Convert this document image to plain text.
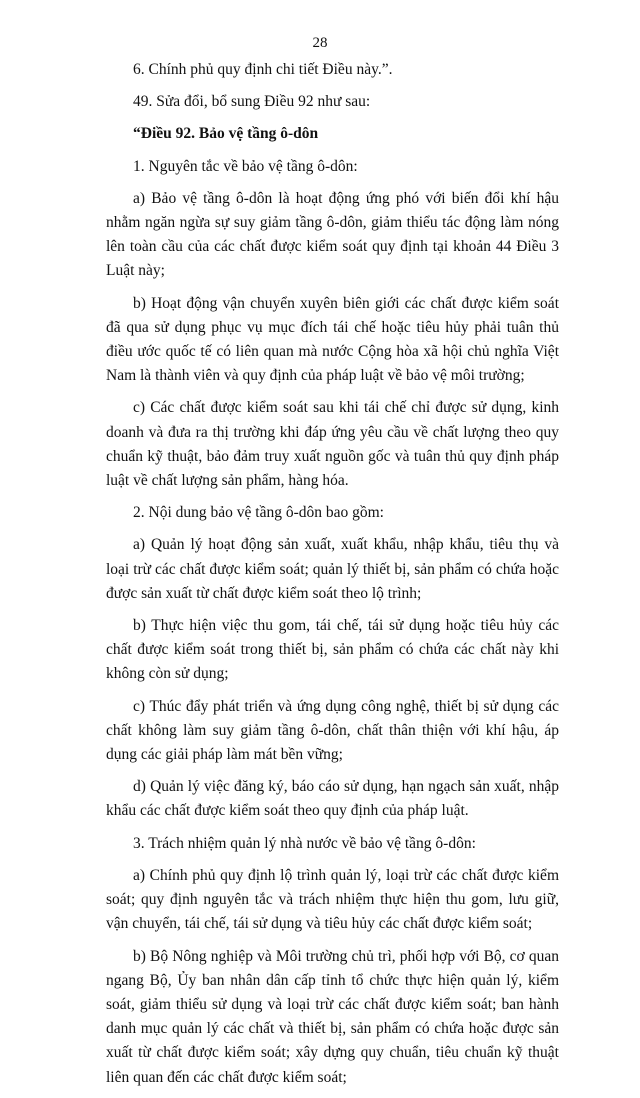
28

6. Chính phủ quy định chi tiết Điều này.”.

49. Sửa đổi, bổ sung Điều 92 như sau:

“Điều 92. Bảo vệ tầng ô-dôn

1. Nguyên tắc về bảo vệ tầng ô-dôn:

a) Bảo vệ tầng ô-dôn là hoạt động ứng phó với biến đổi khí hậu nhằm ngăn ngừa sự suy giảm tầng ô-dôn, giảm thiểu tác động làm nóng lên toàn cầu của các chất được kiểm soát quy định tại khoản 44 Điều 3 Luật này;

b) Hoạt động vận chuyển xuyên biên giới các chất được kiểm soát đã qua sử dụng phục vụ mục đích tái chế hoặc tiêu hủy phải tuân thủ điều ước quốc tế có liên quan mà nước Cộng hòa xã hội chủ nghĩa Việt Nam là thành viên và quy định của pháp luật về bảo vệ môi trường;

c) Các chất được kiểm soát sau khi tái chế chỉ được sử dụng, kinh doanh và đưa ra thị trường khi đáp ứng yêu cầu về chất lượng theo quy chuẩn kỹ thuật, bảo đảm truy xuất nguồn gốc và tuân thủ quy định pháp luật về chất lượng sản phẩm, hàng hóa.

2. Nội dung bảo vệ tầng ô-dôn bao gồm:

a) Quản lý hoạt động sản xuất, xuất khẩu, nhập khẩu, tiêu thụ và loại trừ các chất được kiểm soát; quản lý thiết bị, sản phẩm có chứa hoặc được sản xuất từ chất được kiểm soát theo lộ trình;

b) Thực hiện việc thu gom, tái chế, tái sử dụng hoặc tiêu hủy các chất được kiểm soát trong thiết bị, sản phẩm có chứa các chất này khi không còn sử dụng;

c) Thúc đẩy phát triển và ứng dụng công nghệ, thiết bị sử dụng các chất không làm suy giảm tầng ô-dôn, chất thân thiện với khí hậu, áp dụng các giải pháp làm mát bền vững;

d) Quản lý việc đăng ký, báo cáo sử dụng, hạn ngạch sản xuất, nhập khẩu các chất được kiểm soát theo quy định của pháp luật.

3. Trách nhiệm quản lý nhà nước về bảo vệ tầng ô-dôn:

a) Chính phủ quy định lộ trình quản lý, loại trừ các chất được kiểm soát; quy định nguyên tắc và trách nhiệm thực hiện thu gom, lưu giữ, vận chuyển, tái chế, tái sử dụng và tiêu hủy các chất được kiểm soát;

b) Bộ Nông nghiệp và Môi trường chủ trì, phối hợp với Bộ, cơ quan ngang Bộ, Ủy ban nhân dân cấp tỉnh tổ chức thực hiện quản lý, kiểm soát, giảm thiểu sử dụng và loại trừ các chất được kiểm soát; ban hành danh mục quản lý các chất và thiết bị, sản phẩm có chứa hoặc được sản xuất từ chất được kiểm soát; xây dựng quy chuẩn, tiêu chuẩn kỹ thuật liên quan đến các chất được kiểm soát;
